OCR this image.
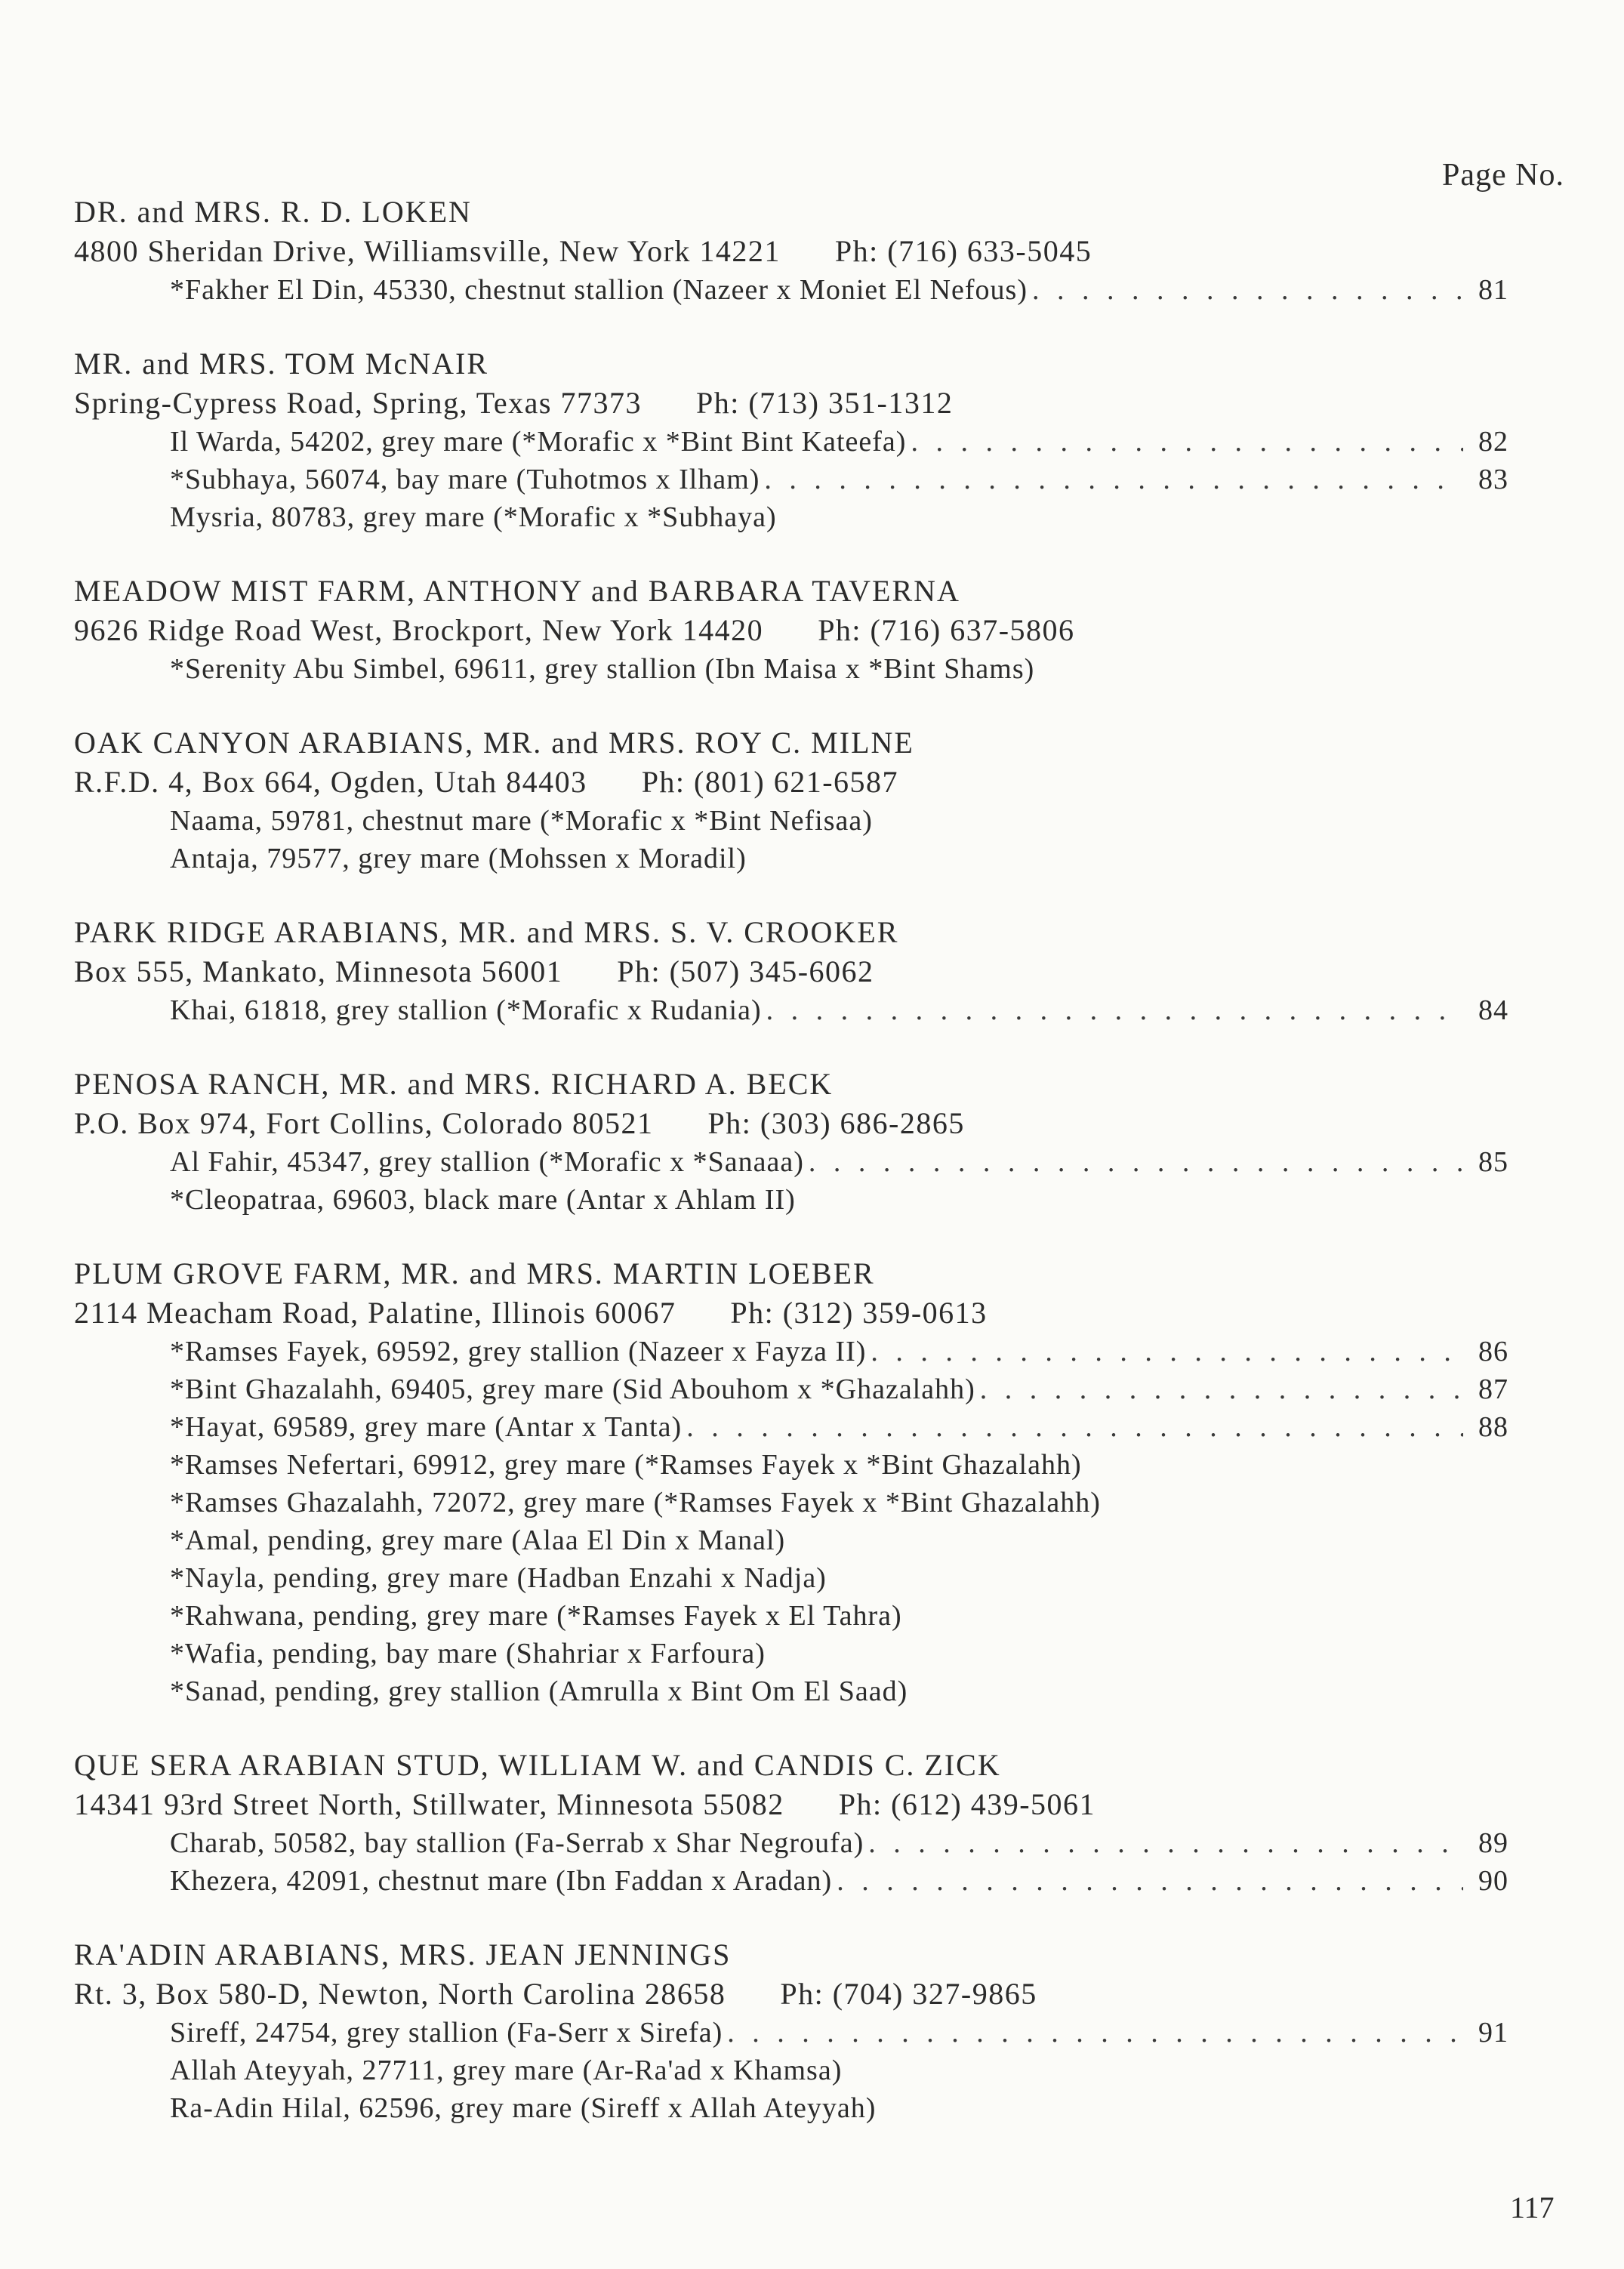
Page No.
DR. and MRS. R. D. LOKEN
4800 Sheridan Drive, Williamsville, New York 14221 Ph: (716) 633-5045
*Fakher El Din, 45330, chestnut stallion (Nazeer x Moniet El Nefous) . . .	81
MR. and MRS. TOM McNAIR
Spring-Cypress Road, Spring, Texas 77373 Ph: (713) 351-1312
Il Warda, 54202, grey mare (*Morafic x *Bint Bint Kateefa) . . .	82
*Subhaya, 56074, bay mare (Tuhotmos x Ilham) . . .	83
Mysria, 80783, grey mare (*Morafic x *Subhaya)
MEADOW MIST FARM, ANTHONY and BARBARA TAVERNA
9626 Ridge Road West, Brockport, New York 14420 Ph: (716) 637-5806
*Serenity Abu Simbel, 69611, grey stallion (Ibn Maisa x *Bint Shams)
OAK CANYON ARABIANS, MR. and MRS. ROY C. MILNE
R.F.D. 4, Box 664, Ogden, Utah 84403 Ph: (801) 621-6587
Naama, 59781, chestnut mare (*Morafic x *Bint Nefisaa)
Antaja, 79577, grey mare (Mohssen x Moradil)
PARK RIDGE ARABIANS, MR. and MRS. S. V. CROOKER
Box 555, Mankato, Minnesota 56001 Ph: (507) 345-6062
Khai, 61818, grey stallion (*Morafic x Rudania) . . .	84
PENOSA RANCH, MR. and MRS. RICHARD A. BECK
P.O. Box 974, Fort Collins, Colorado 80521 Ph: (303) 686-2865
Al Fahir, 45347, grey stallion (*Morafic x *Sanaaa) . . .	85
*Cleopatraa, 69603, black mare (Antar x Ahlam II)
PLUM GROVE FARM, MR. and MRS. MARTIN LOEBER
2114 Meacham Road, Palatine, Illinois 60067 Ph: (312) 359-0613
*Ramses Fayek, 69592, grey stallion (Nazeer x Fayza II) . . .	86
*Bint Ghazalahh, 69405, grey mare (Sid Abouhom x *Ghazalahh) . . .	87
*Hayat, 69589, grey mare (Antar x Tanta) . . .	88
*Ramses Nefertari, 69912, grey mare (*Ramses Fayek x *Bint Ghazalahh)
*Ramses Ghazalahh, 72072, grey mare (*Ramses Fayek x *Bint Ghazalahh)
*Amal, pending, grey mare (Alaa El Din x Manal)
*Nayla, pending, grey mare (Hadban Enzahi x Nadja)
*Rahwana, pending, grey mare (*Ramses Fayek x El Tahra)
*Wafia, pending, bay mare (Shahriar x Farfoura)
*Sanad, pending, grey stallion (Amrulla x Bint Om El Saad)
QUE SERA ARABIAN STUD, WILLIAM W. and CANDIS C. ZICK
14341 93rd Street North, Stillwater, Minnesota 55082 Ph: (612) 439-5061
Charab, 50582, bay stallion (Fa-Serrab x Shar Negroufa) . . .	89
Khezera, 42091, chestnut mare (Ibn Faddan x Aradan) . . .	90
RA'ADIN ARABIANS, MRS. JEAN JENNINGS
Rt. 3, Box 580-D, Newton, North Carolina 28658 Ph: (704) 327-9865
Sireff, 24754, grey stallion (Fa-Serr x Sirefa) . . .	91
Allah Ateyyah, 27711, grey mare (Ar-Ra'ad x Khamsa)
Ra-Adin Hilal, 62596, grey mare (Sireff x Allah Ateyyah)
117
